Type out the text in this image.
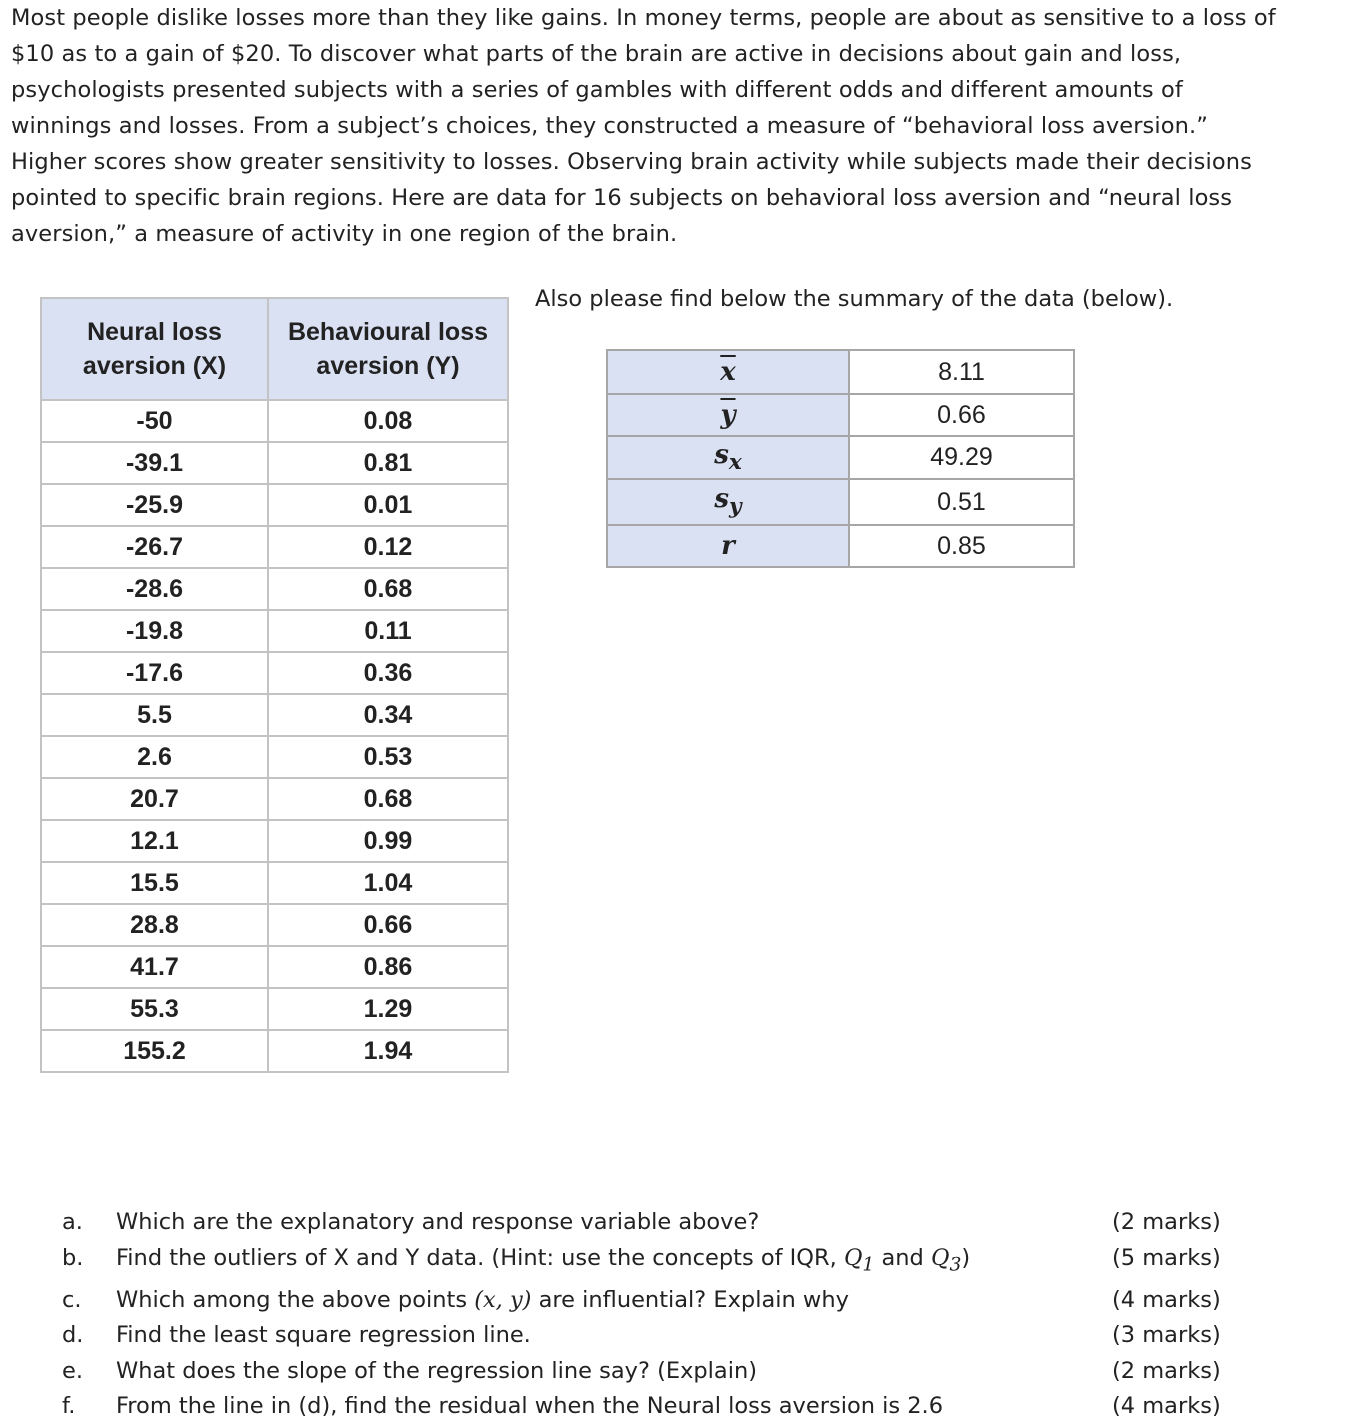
Most people dislike losses more than they like gains. In money terms, people are about as sensitive to a loss of

$10 as to a gain of $20. To discover what parts of the brain are active in decisions about gain and loss,

psychologists presented subjects with a series of gambles with different odds and different amounts of

winnings and losses. From a subject’s choices, they constructed a measure of “behavioral loss aversion.”

Higher scores show greater sensitivity to losses. Observing brain activity while subjects made their decisions

pointed to specific brain regions. Here are data for 16 subjects on behavioral loss aversion and “neural loss

aversion,” a measure of activity in one region of the brain.

Neural loss aversion (X)	Behavioural loss aversion (Y)
-50	0.08
-39.1	0.81
-25.9	0.01
-26.7	0.12
-28.6	0.68
-19.8	0.11
-17.6	0.36
5.5	0.34
2.6	0.53
20.7	0.68
12.1	0.99
15.5	1.04
28.8	0.66
41.7	0.86
55.3	1.29
155.2	1.94
Also please find below the summary of the data (below).
$\overline{x}$	8.11
$\overline{y}$	0.66
$s_x$	49.29
$s_y$	0.51
r	0.85
a.	Which are the explanatory and response variable above?	(2 marks)
b.	Find the outliers of X and Y data. (Hint: use the concepts of IQR, $Q_1$ and $Q_3$)	(5 marks)
c.	Which among the above points (x, y) are influential? Explain why	(4 marks)
d.	Find the least square regression line.	(3 marks)
e.	What does the slope of the regression line say? (Explain)	(2 marks)
f.	From the line in (d), find the residual when the Neural loss aversion is 2.6	(4 marks)
